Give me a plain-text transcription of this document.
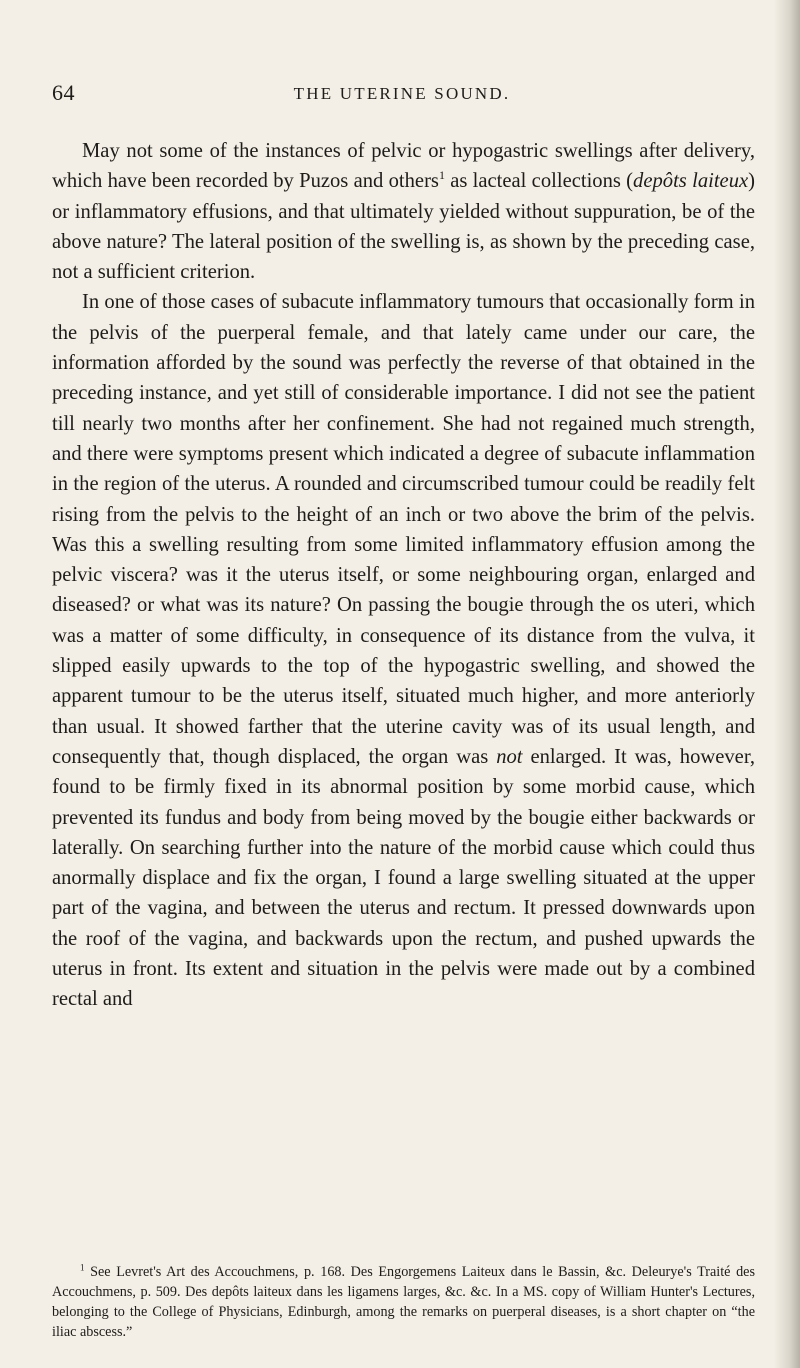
64	THE UTERINE SOUND.

May not some of the instances of pelvic or hypogastric swellings after delivery, which have been recorded by Puzos and others$^1$ as lacteal collections (depôts laiteux) or inflammatory effusions, and that ultimately yielded without suppuration, be of the above nature? The lateral position of the swelling is, as shown by the preceding case, not a sufficient criterion.

In one of those cases of subacute inflammatory tumours that occasionally form in the pelvis of the puerperal female, and that lately came under our care, the information afforded by the sound was perfectly the reverse of that obtained in the preceding instance, and yet still of considerable importance. I did not see the patient till nearly two months after her confinement. She had not regained much strength, and there were symptoms present which indicated a degree of subacute inflammation in the region of the uterus. A rounded and circumscribed tumour could be readily felt rising from the pelvis to the height of an inch or two above the brim of the pelvis. Was this a swelling resulting from some limited inflammatory effusion among the pelvic viscera? was it the uterus itself, or some neighbouring organ, enlarged and diseased? or what was its nature? On passing the bougie through the os uteri, which was a matter of some difficulty, in consequence of its distance from the vulva, it slipped easily upwards to the top of the hypogastric swelling, and showed the apparent tumour to be the uterus itself, situated much higher, and more anteriorly than usual. It showed farther that the uterine cavity was of its usual length, and consequently that, though displaced, the organ was not enlarged. It was, however, found to be firmly fixed in its abnormal position by some morbid cause, which prevented its fundus and body from being moved by the bougie either backwards or laterally. On searching further into the nature of the morbid cause which could thus anormally displace and fix the organ, I found a large swelling situated at the upper part of the vagina, and between the uterus and rectum. It pressed downwards upon the roof of the vagina, and backwards upon the rectum, and pushed upwards the uterus in front. Its extent and situation in the pelvis were made out by a combined rectal and

$^1$ See Levret's Art des Accouchmens, p. 168. Des Engorgemens Laiteux dans le Bassin, &c. Deleurye's Traité des Accouchmens, p. 509. Des depôts laiteux dans les ligamens larges, &c. &c. In a MS. copy of William Hunter's Lectures, belonging to the College of Physicians, Edinburgh, among the remarks on puerperal diseases, is a short chapter on “the iliac abscess.”
